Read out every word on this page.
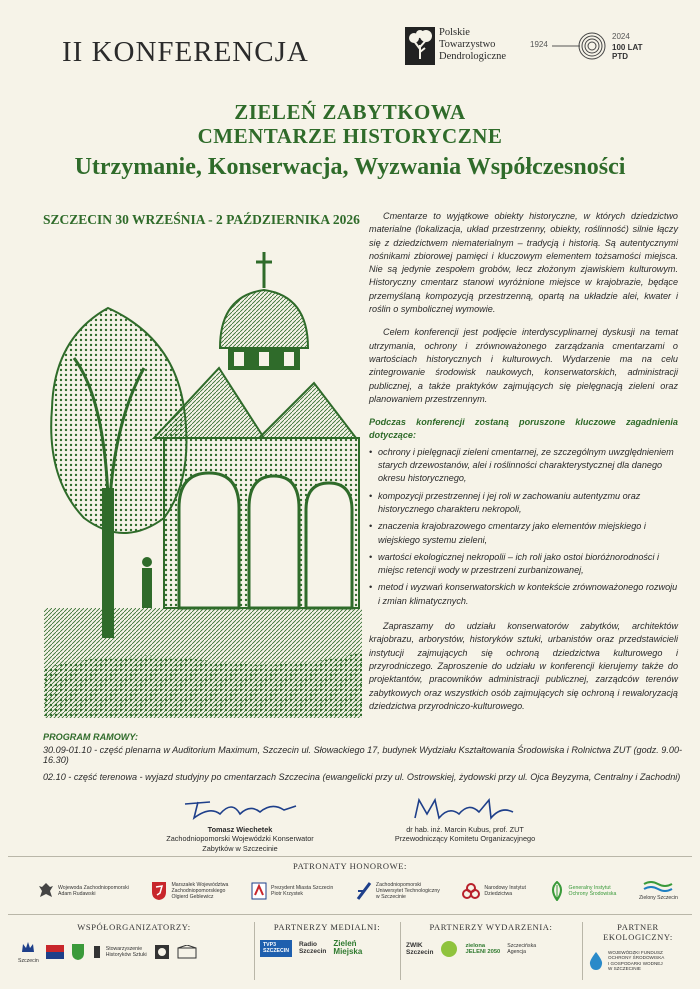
II KONFERENCJA
Polskie
Towarzystwo
Dendrologiczne
1924
2024
100 LAT PTD
ZIELEŃ ZABYTKOWA
CMENTARZE HISTORYCZNE
Utrzymanie, Konserwacja, Wyzwania Współczesności
SZCZECIN 30 WRZEŚNIA - 2 PAŹDZIERNIKA 2026	Cmentarze to wyjątkowe obiekty historyczne, w których dziedzictwo materialne (lokalizacja, układ przestrzenny, obiekty, roślinność) silnie łączy się z dziedzictwem niematerialnym – tradycją i historią. Są autentycznymi nośnikami zbiorowej pamięci i kluczowym elementem tożsamości miejsca. Nie są jedynie zespołem grobów, lecz złożonym zjawiskiem kulturowym. Historyczny cmentarz stanowi wyróżnione miejsce w krajobrazie, będące przemyślaną kompozycją przestrzenną, opartą na układzie alei, kwater i roślin o symbolicznej wymowie.

Celem konferencji jest podjęcie interdyscyplinarnej dyskusji na temat utrzymania, ochrony i zrównoważonego zarządzania cmentarzami o wartościach historycznych i kulturowych. Wydarzenie ma na celu zintegrowanie środowisk naukowych, konserwatorskich, administracji publicznej, a także praktyków zajmujących się pielęgnacją zieleni oraz planowaniem przestrzennym.

Podczas konferencji zostaną poruszone kluczowe zagadnienia dotyczące:

• ochrony i pielęgnacji zieleni cmentarnej, ze szczególnym uwzględnieniem starych drzewostanów, alei i roślinności charakterystycznej dla danego okresu historycznego,
• kompozycji przestrzennej i jej roli w zachowaniu autentyzmu oraz historycznego charakteru nekropoli,
• znaczenia krajobrazowego cmentarzy jako elementów miejskiego i wiejskiego systemu zieleni,
• wartości ekologicznej nekropolii – ich roli jako ostoi bioróżnorodności i miejsc retencji wody w przestrzeni zurbanizowanej,
• metod i wyzwań konserwatorskich w kontekście zrównoważonego rozwoju i zmian klimatycznych.

Zapraszamy do udziału konserwatorów zabytków, architektów krajobrazu, arborystów, historyków sztuki, urbanistów oraz przedstawicieli instytucji zajmujących się ochroną dziedzictwa kulturowego i przyrodniczego. Zaproszenie do udziału w konferencji kierujemy także do projektantów, pracowników administracji publicznej, zarządców terenów zabytkowych oraz wszystkich osób zajmujących się ochroną i rewaloryzacją dziedzictwa przyrodniczo-kulturowego.

PROGRAM RAMOWY:
30.09-01.10 - część plenarna w Auditorium Maximum, Szczecin ul. Słowackiego 17, budynek Wydziału Kształtowania Środowiska i Rolnictwa ZUT (godz. 9.00-16.30)
02.10 - część terenowa - wyjazd studyjny po cmentarzach Szczecina (ewangelicki przy ul. Ostrowskiej, żydowski przy ul. Ojca Beyzyma, Centralny i Zachodni)
Tomasz Wiechetek
Zachodniopomorski Wojewódzki Konserwator Zabytków w Szczecinie
dr hab. inż. Marcin Kubus, prof. ZUT
Przewodniczący Komitetu Organizacyjnego
PATRONATY HONOROWE:
Wojewoda Zachodniopomorski
Adam Rudawski
Marszałek Województwa
Zachodniopomorskiego
Olgierd Geblewicz
Prezydent Miasta Szczecin
Piotr Krzystek
Zachodniopomorski
Uniwersytet Technologiczny
w Szczecinie
Narodowy Instytut
Dziedzictwa
Generalny Instytut
Ochrony Środowiska
Zielony Szczecin
WSPÓŁORGANIZATORZY:
Szczecin
Stowarzyszenie
Historyków Sztuki
PARTNERZY MEDIALNI:
TVP3
SZCZECIN
Radio
Szczecin
Zieleń
Miejska
PARTNERZY WYDARZENIA:
ZWIK
Szczecin
zielona
JELENI 2050
Szczecińska
Agencja
PARTNER EKOLOGICZNY:
WOJEWÓDZKI FUNDUSZ
OCHRONY ŚRODOWISKA
I GOSPODARKI WODNEJ
W SZCZECINIE
